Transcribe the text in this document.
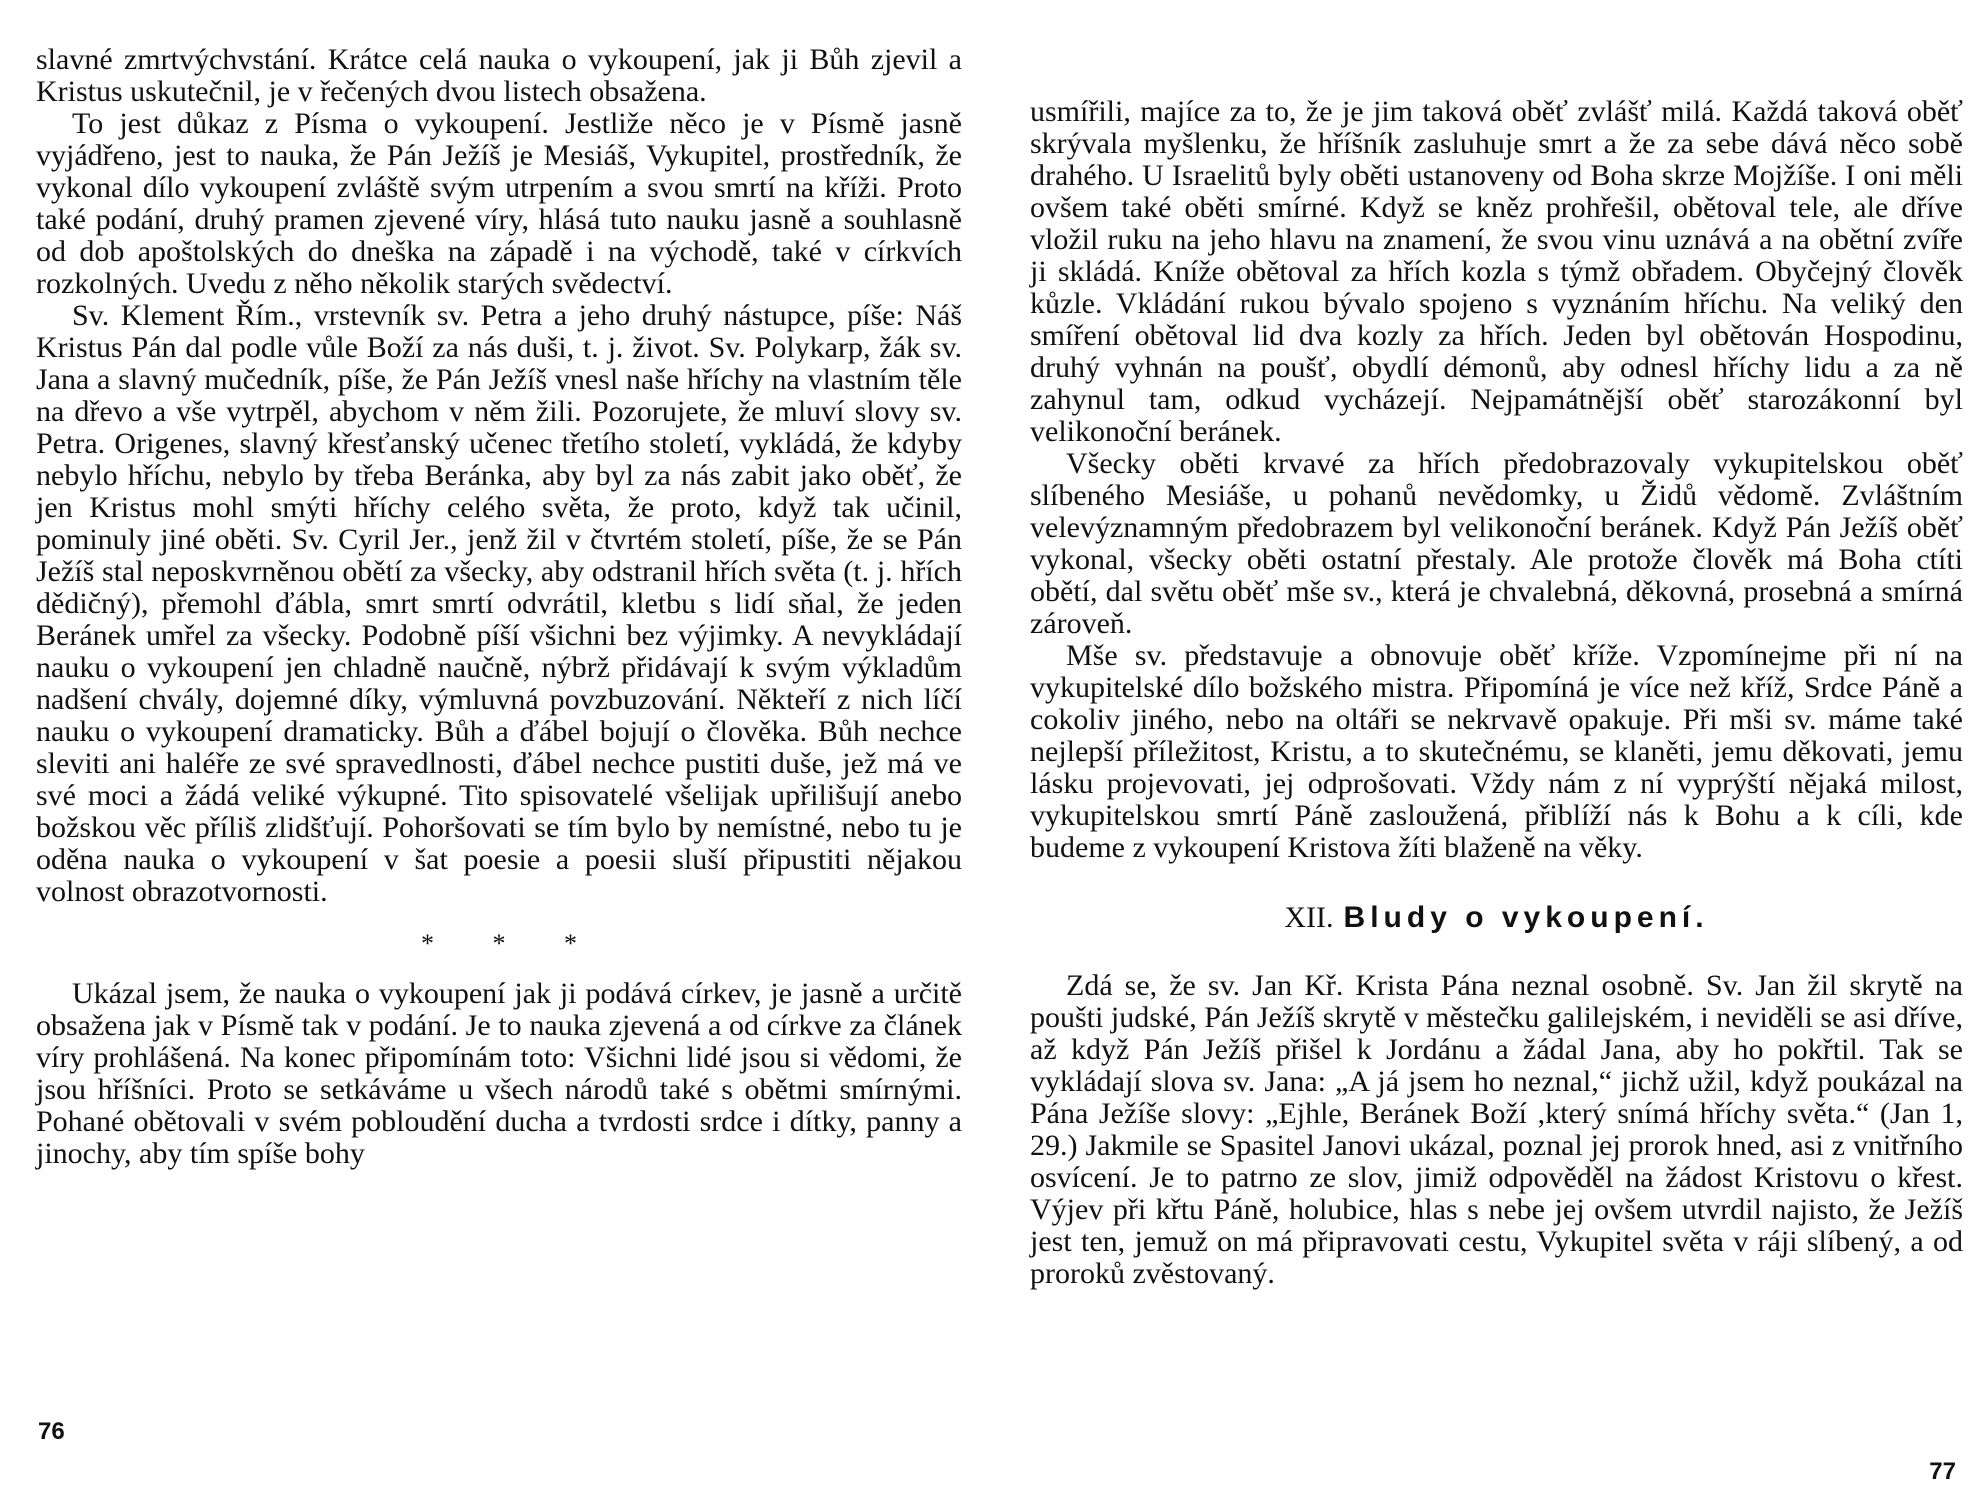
slavné zmrtvýchvstání. Krátce celá nauka o vykoupení, jak ji Bůh zjevil a Kristus uskutečnil, je v řečených dvou listech obsažena.

To jest důkaz z Písma o vykoupení. Jestliže něco je v Písmě jasně vyjádřeno, jest to nauka, že Pán Ježíš je Mesiáš, Vykupitel, prostředník, že vykonal dílo vykoupení zvláště svým utrpením a svou smrtí na kříži. Proto také podání, druhý pramen zjevené víry, hlásá tuto nauku jasně a souhlasně od dob apoštolských do dneška na západě i na východě, také v církvích rozkolných. Uvedu z něho několik starých svědectví.

Sv. Klement Řím., vrstevník sv. Petra a jeho druhý nástupce, píše: Náš Kristus Pán dal podle vůle Boží za nás duši, t. j. život. Sv. Polykarp, žák sv. Jana a slavný mučedník, píše, že Pán Ježíš vnesl naše hříchy na vlastním těle na dřevo a vše vytrpěl, abychom v něm žili. Pozorujete, že mluví slovy sv. Petra. Origenes, slavný křesťanský učenec třetího století, vykládá, že kdyby nebylo hříchu, nebylo by třeba Beránka, aby byl za nás zabit jako oběť, že jen Kristus mohl smýti hříchy celého světa, že proto, když tak učinil, pominuly jiné oběti. Sv. Cyril Jer., jenž žil v čtvrtém století, píše, že se Pán Ježíš stal neposkvrněnou obětí za všecky, aby odstranil hřích světa (t. j. hřích dědičný), přemohl ďábla, smrt smrtí odvrátil, kletbu s lidí sňal, že jeden Beránek umřel za všecky. Podobně píší všichni bez výjimky. A nevykládají nauku o vykoupení jen chladně naučně, nýbrž přidávají k svým výkladům nadšení chvály, dojemné díky, výmluvná povzbuzování. Někteří z nich líčí nauku o vykoupení dramaticky. Bůh a ďábel bojují o člověka. Bůh nechce sleviti ani haléře ze své spravedlnosti, ďábel nechce pustiti duše, jež má ve své moci a žádá veliké výkupné. Tito spisovatelé všelijak upřilišují anebo božskou věc příliš zlidšťují. Pohoršovati se tím bylo by nemístné, nebo tu je oděna nauka o vykoupení v šat poesie a poesii sluší připustiti nějakou volnost obrazotvornosti.

* * *

Ukázal jsem, že nauka o vykoupení jak ji podává církev, je jasně a určitě obsažena jak v Písmě tak v podání. Je to nauka zjevená a od církve za článek víry prohlášená. Na konec připomínám toto: Všichni lidé jsou si vědomi, že jsou hříšníci. Proto se setkáváme u všech národů také s obětmi smírnými. Pohané obětovali v svém pobloudění ducha a tvrdosti srdce i dítky, panny a jinochy, aby tím spíše bohy

76

usmířili, majíce za to, že je jim taková oběť zvlášť milá. Každá taková oběť skrývala myšlenku, že hříšník zasluhuje smrt a že za sebe dává něco sobě drahého. U Israelitů byly oběti ustanoveny od Boha skrze Mojžíše. I oni měli ovšem také oběti smírné. Když se kněz prohřešil, obětoval tele, ale dříve vložil ruku na jeho hlavu na znamení, že svou vinu uznává a na obětní zvíře ji skládá. Kníže obětoval za hřích kozla s týmž obřadem. Obyčejný člověk kůzle. Vkládání rukou bývalo spojeno s vyznáním hříchu. Na veliký den smíření obětoval lid dva kozly za hřích. Jeden byl obětován Hospodinu, druhý vyhnán na poušť, obydlí démonů, aby odnesl hříchy lidu a za ně zahynul tam, odkud vycházejí. Nejpamátnější oběť starozákonní byl velikonoční beránek.

Všecky oběti krvavé za hřích předobrazovaly vykupitelskou oběť slíbeného Mesiáše, u pohanů nevědomky, u Židů vědomě. Zvláštním velevýznamným předobrazem byl velikonoční beránek. Když Pán Ježíš oběť vykonal, všecky oběti ostatní přestaly. Ale protože člověk má Boha ctíti obětí, dal světu oběť mše sv., která je chvalebná, děkovná, prosebná a smírná zároveň.

Mše sv. představuje a obnovuje oběť kříže. Vzpomínejme při ní na vykupitelské dílo božského mistra. Připomíná je více než kříž, Srdce Páně a cokoliv jiného, nebo na oltáři se nekrvavě opakuje. Při mši sv. máme také nejlepší příležitost, Kristu, a to skutečnému, se klaněti, jemu děkovati, jemu lásku projevovati, jej odprošovati. Vždy nám z ní vyprýští nějaká milost, vykupitelskou smrtí Páně zasloužená, přiblíží nás k Bohu a k cíli, kde budeme z vykoupení Kristova žíti blaženě na věky.

XII. Bludy o vykoupení.

Zdá se, že sv. Jan Kř. Krista Pána neznal osobně. Sv. Jan žil skrytě na poušti judské, Pán Ježíš skrytě v městečku galilejském, i neviděli se asi dříve, až když Pán Ježíš přišel k Jordánu a žádal Jana, aby ho pokřtil. Tak se vykládají slova sv. Jana: „A já jsem ho neznal,“ jichž užil, když poukázal na Pána Ježíše slovy: „Ejhle, Beránek Boží ,který snímá hříchy světa.“ (Jan 1, 29.) Jakmile se Spasitel Janovi ukázal, poznal jej prorok hned, asi z vnitřního osvícení. Je to patrno ze slov, jimiž odpověděl na žádost Kristovu o křest. Výjev při křtu Páně, holubice, hlas s nebe jej ovšem utvrdil najisto, že Ježíš jest ten, jemuž on má připravovati cestu, Vykupitel světa v ráji slíbený, a od proroků zvěstovaný.

77
